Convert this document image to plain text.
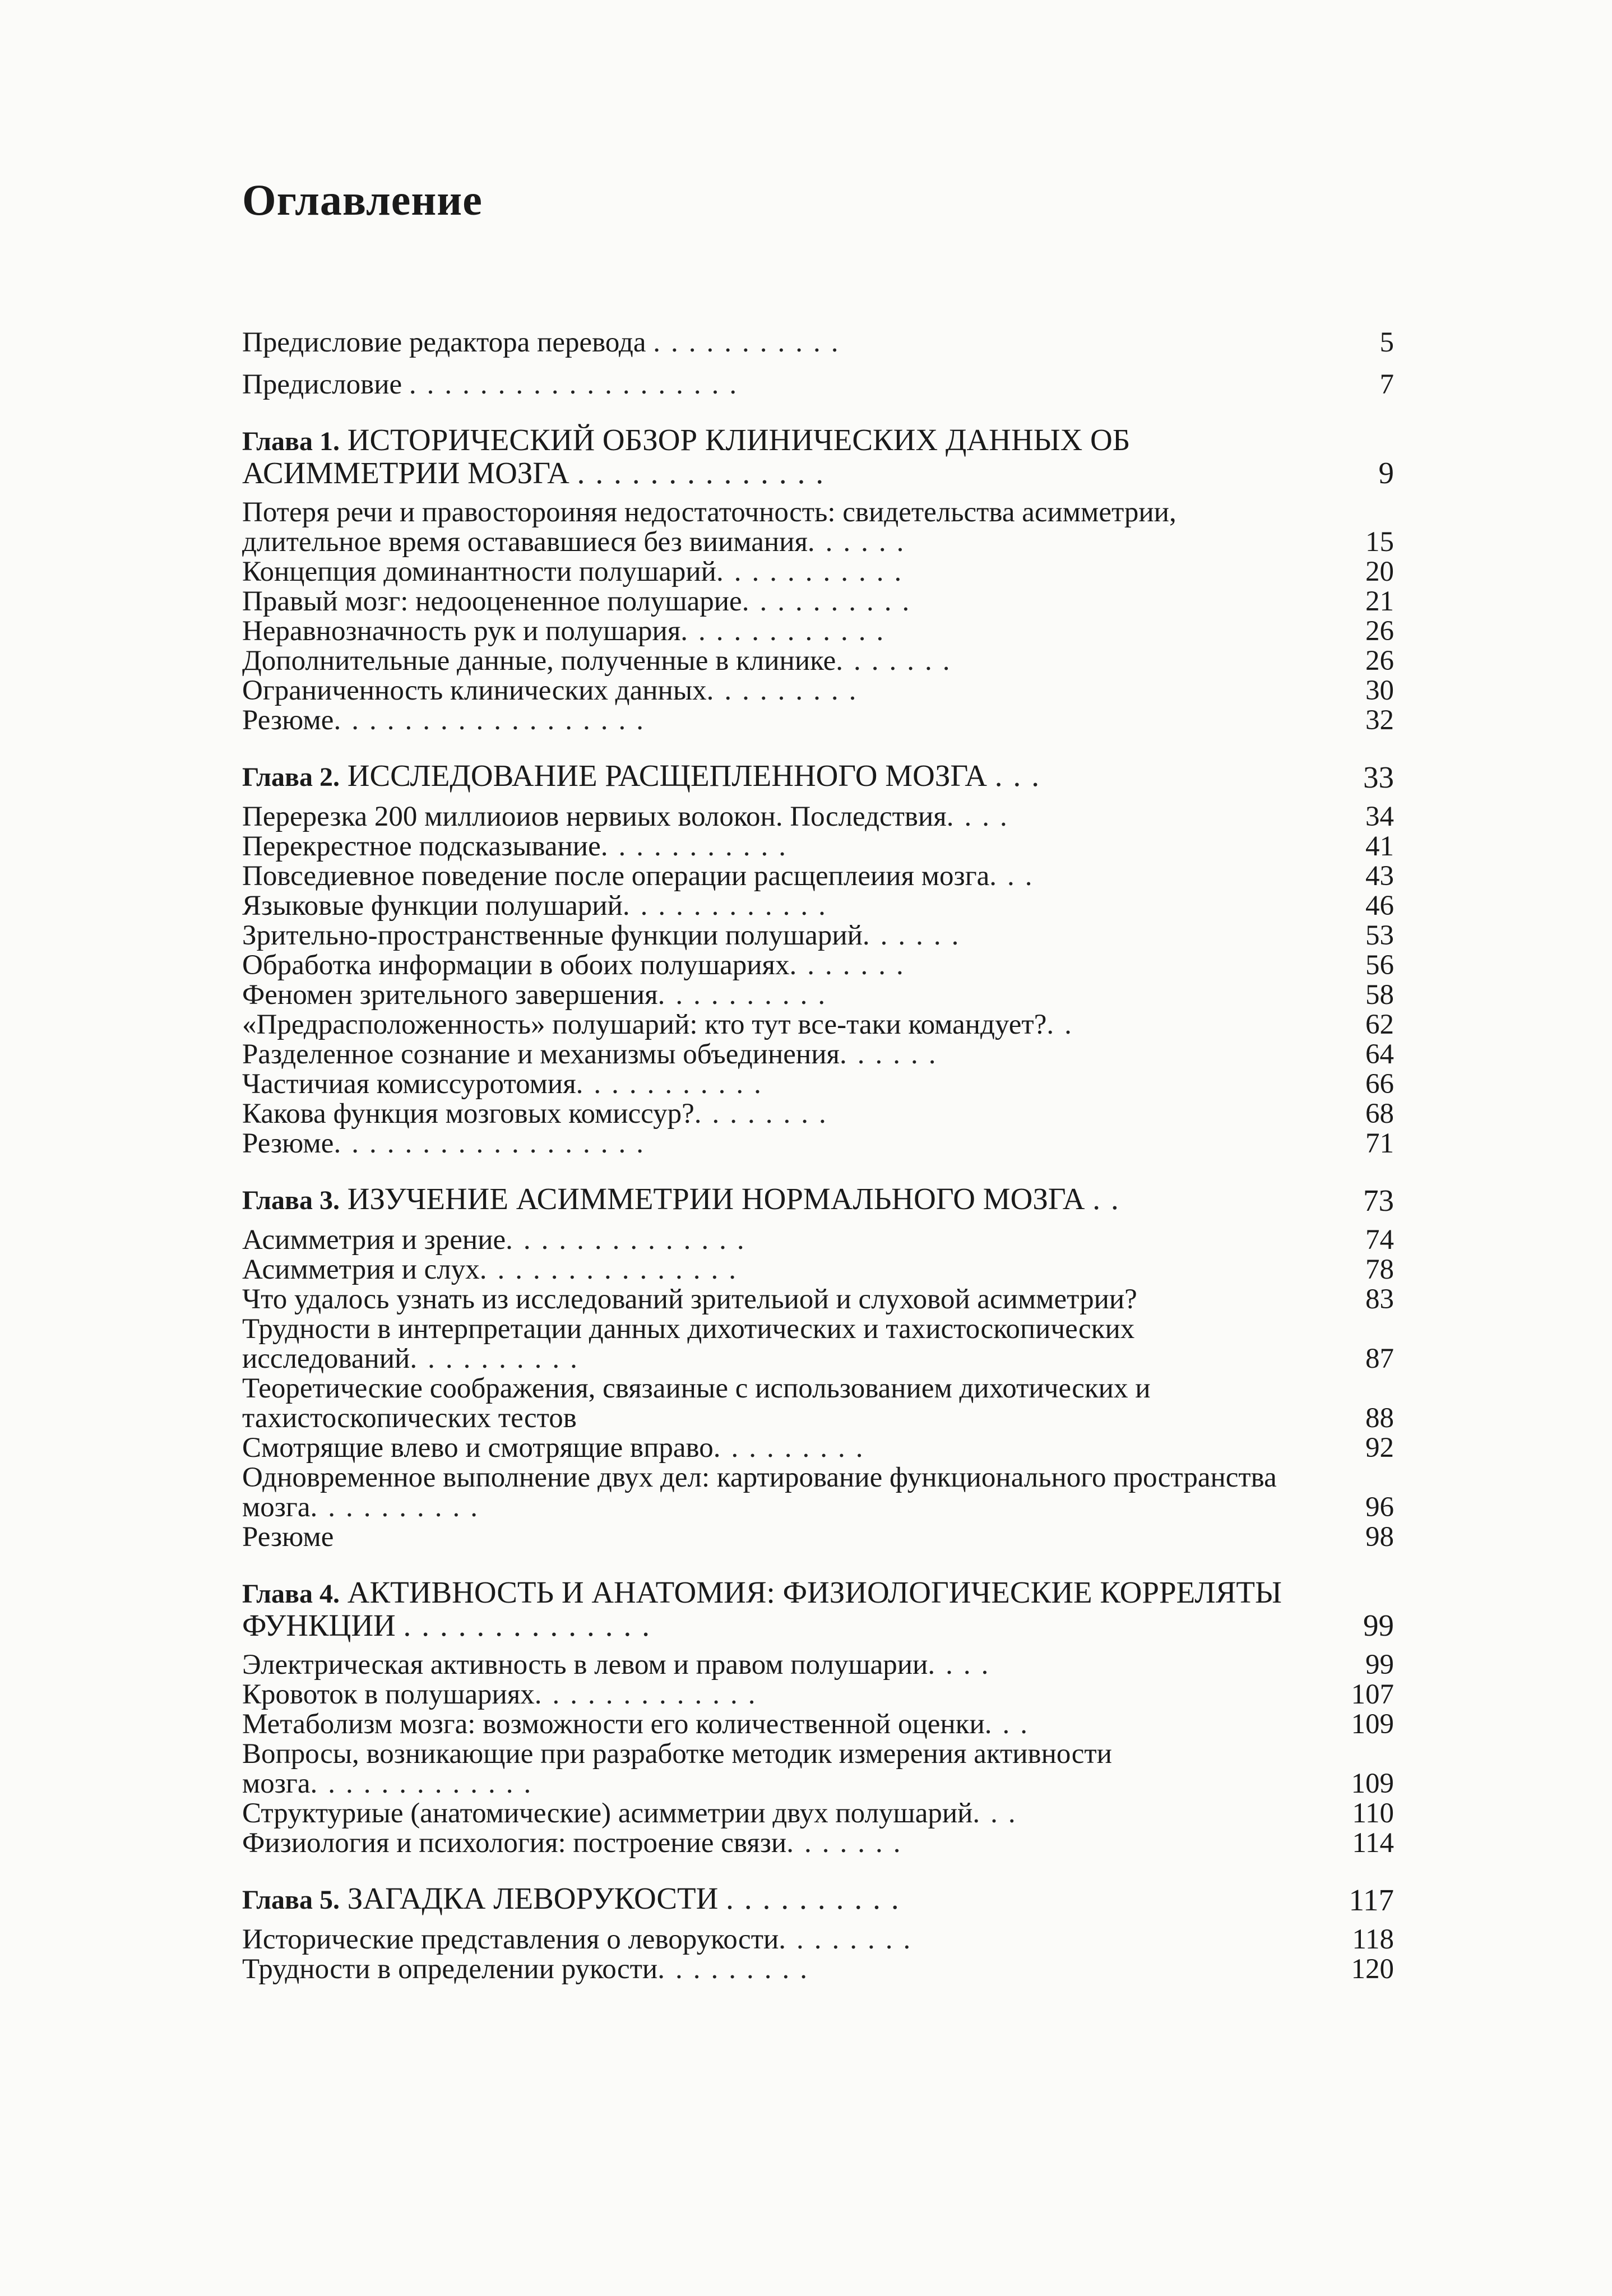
Оглавление
Предисловие редактора перевода ...........	5
Предисловие ...................	7
Глава 1. ИСТОРИЧЕСКИЙ ОБЗОР КЛИНИЧЕСКИХ ДАННЫХ ОБ АСИММЕТРИИ МОЗГА ..............	9
Потеря речи и правостороиняя недостаточность: свидетельства асимметрии, длительное время остававшиеся без виимания......	15
Концепция доминантности полушарий...........	20
Правый мозг: недооцененное полушарие..........	21
Неравнозначность рук и полушария............	26
Дополнительные данные, полученные в клинике.......	26
Ограниченность клинических данных.........	30
Резюме..................	32
Глава 2. ИССЛЕДОВАНИЕ РАСЩЕПЛЕННОГО МОЗГА ...	33
Перерезка 200 миллиоиов нервиых волокон. Последствия....	34
Перекрестное подсказывание...........	41
Повседиевное поведение после операции расщеплеиия мозга...	43
Языковые функции полушарий............	46
Зрительно-пространственные функции полушарий......	53
Обработка информации в обоих полушариях.......	56
Феномен зрительного завершения..........	58
«Предрасположенность» полушарий: кто тут все-таки командует?..	62
Разделенное сознание и механизмы объединения......	64
Частичиая комиссуротомия...........	66
Какова функция мозговых комиссур?........	68
Резюме..................	71
Глава 3. ИЗУЧЕНИЕ АСИММЕТРИИ НОРМАЛЬНОГО МОЗГА ..	73
Асимметрия и зрение..............	74
Асимметрия и слух...............	78
Что удалось узнать из исследований зрительиой и слуховой асимметрии?	83
Трудности в интерпретации данных дихотических и тахистоскопических исследований..........	87
Теоретические соображения, связаиные с использованием дихотических и тахистоскопических тестов	88
Смотрящие влево и смотрящие вправо.........	92
Одновременное выполнение двух дел: картирование функционального пространства мозга..........	96
Резюме	98
Глава 4. АКТИВНОСТЬ И АНАТОМИЯ: ФИЗИОЛОГИЧЕСКИЕ КОРРЕЛЯТЫ ФУНКЦИИ ..............	99
Электрическая активность в левом и правом полушарии....	99
Кровоток в полушариях.............	107
Метаболизм мозга: возможности его количественной оценки...	109
Вопросы, возникающие при разработке методик измерения активности мозга.............	109
Структуриые (анатомические) асимметрии двух полушарий...	110
Физиология и психология: построение связи.......	114
Глава 5. ЗАГАДКА ЛЕВОРУКОСТИ ..........	117
Исторические представления о леворукости........	118
Трудности в определении рукости.........	120
